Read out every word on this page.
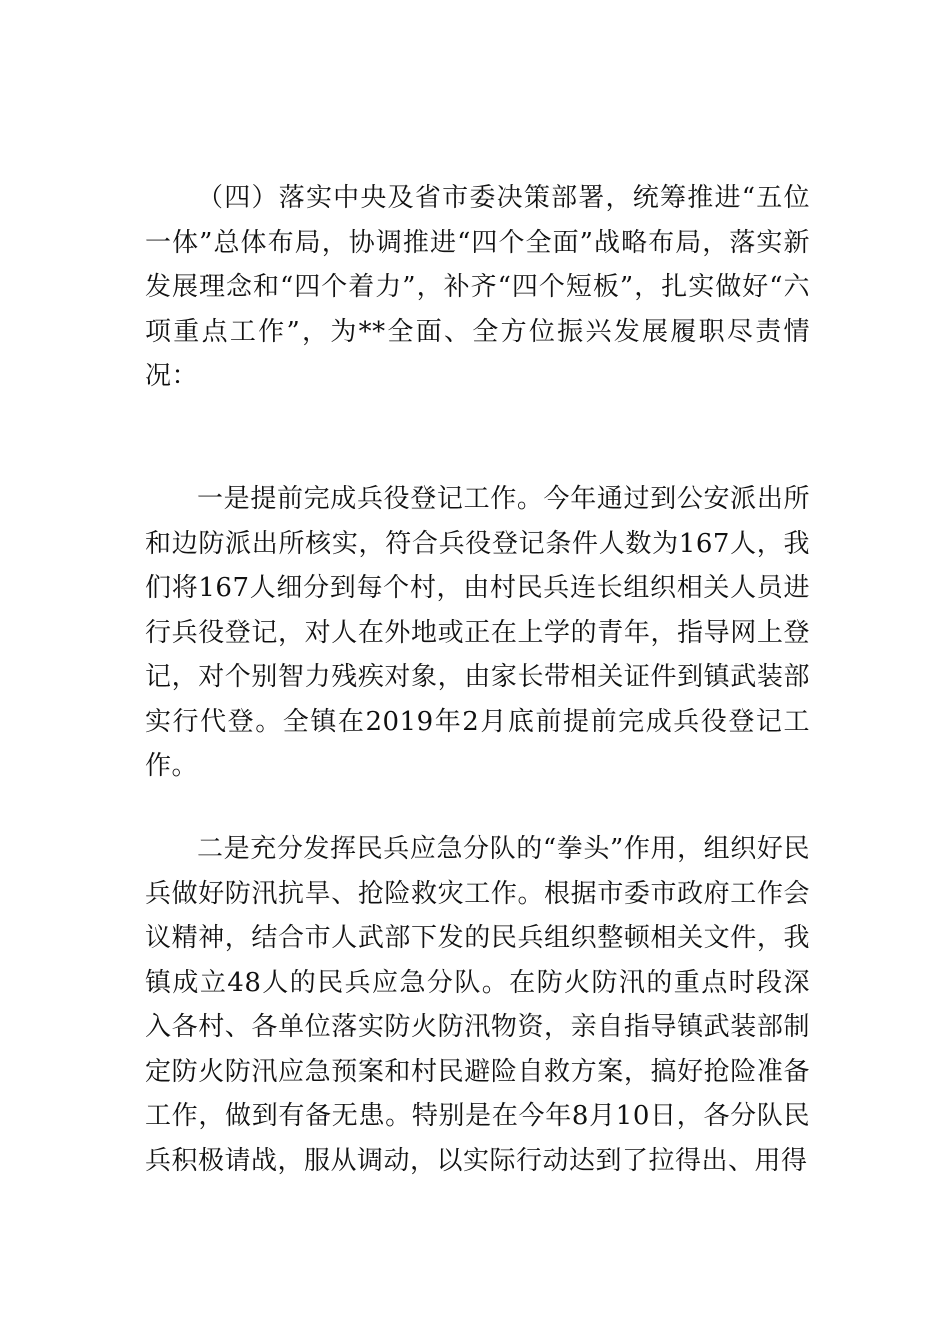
（四）落实中央及省市委决策部署，统筹推进“五位一体”总体布局，协调推进“四个全面”战略布局，落实新发展理念和“四个着力”，补齐“四个短板”，扎实做好“六项重点工作”，为**全面、全方位振兴发展履职尽责情况：

一是提前完成兵役登记工作。今年通过到公安派出所和边防派出所核实，符合兵役登记条件人数为167人，我们将167人细分到每个村，由村民兵连长组织相关人员进行兵役登记，对人在外地或正在上学的青年，指导网上登记，对个别智力残疾对象，由家长带相关证件到镇武装部实行代登。全镇在2019年2月底前提前完成兵役登记工作。

二是充分发挥民兵应急分队的“拳头”作用，组织好民兵做好防汛抗旱、抢险救灾工作。根据市委市政府工作会议精神，结合市人武部下发的民兵组织整顿相关文件，我镇成立48人的民兵应急分队。在防火防汛的重点时段深入各村、各单位落实防火防汛物资，亲自指导镇武装部制定防火防汛应急预案和村民避险自救方案，搞好抢险准备工作，做到有备无患。特别是在今年8月10日，各分队民兵积极请战，服从调动，以实际行动达到了拉得出、用得
